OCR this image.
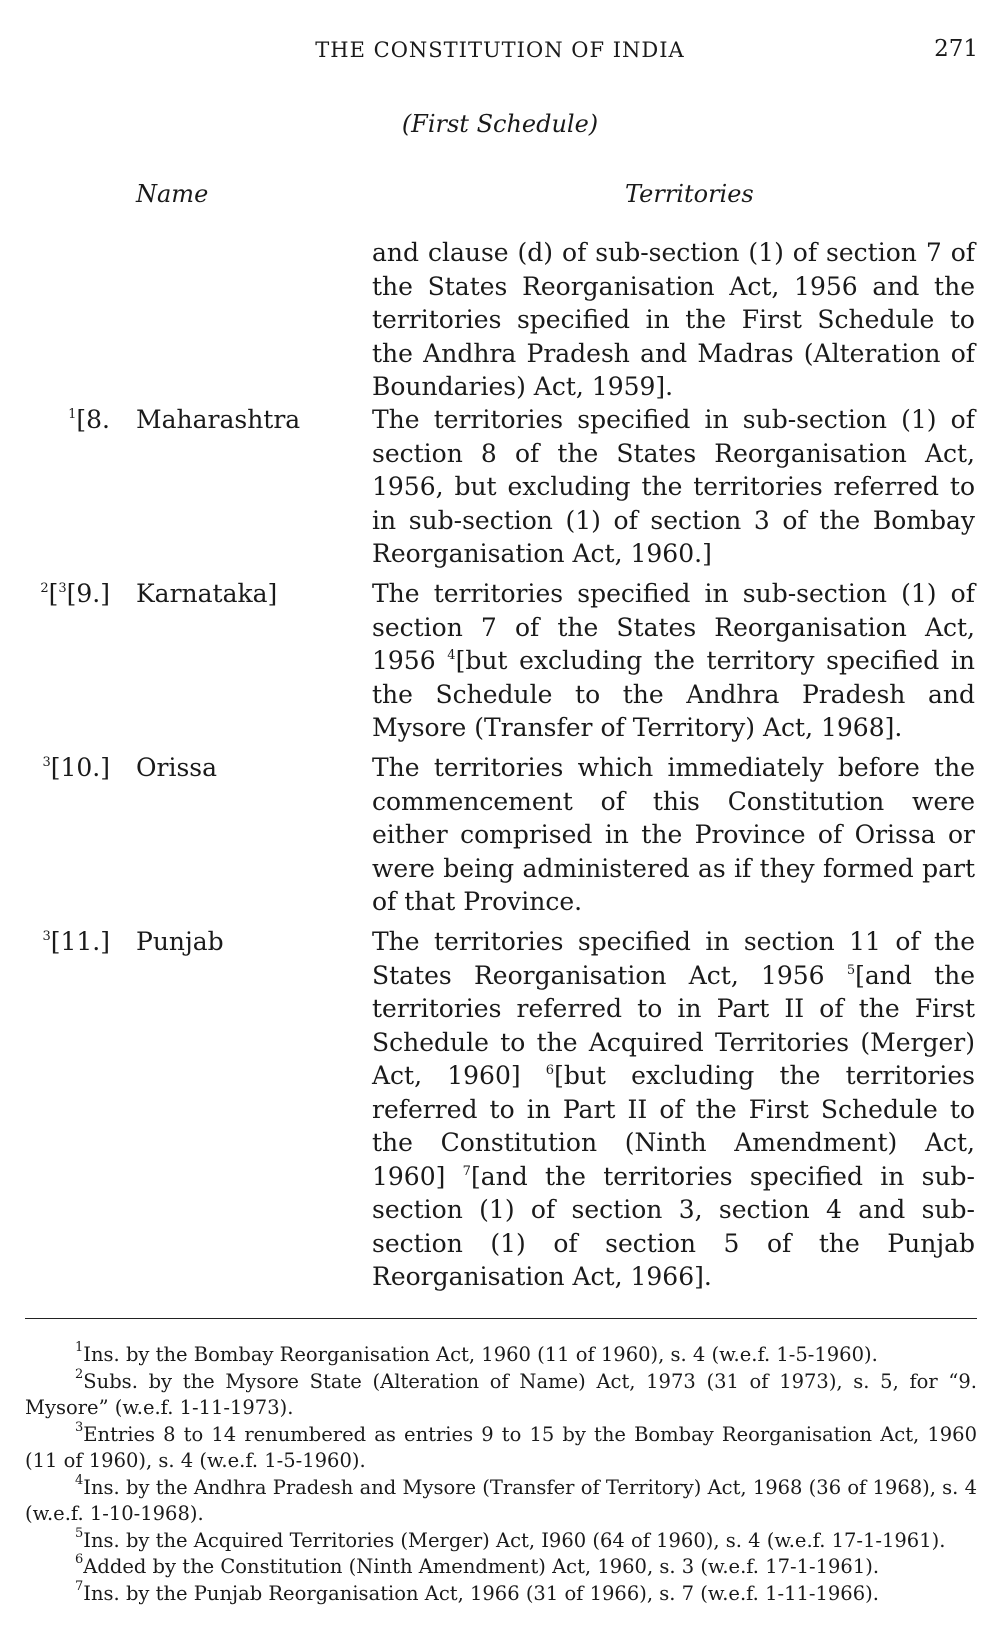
THE CONSTITUTION OF INDIA	271
(First Schedule)
Name	Territories
and clause (d) of sub-section (1) of section 7 of the States Reorganisation Act, 1956 and the territories specified in the First Schedule to the Andhra Pradesh and Madras (Alteration of Boundaries) Act, 1959].
$^1$[8. Maharashtra	The territories specified in sub-section (1) of section 8 of the States Reorganisation Act, 1956, but excluding the territories referred to in sub-section (1) of section 3 of the Bombay Reorganisation Act, 1960.]
$^2$[$^3$[9.] Karnataka]	The territories specified in sub-section (1) of section 7 of the States Reorganisation Act, 1956 $^4$[but excluding the territory specified in the Schedule to the Andhra Pradesh and Mysore (Transfer of Territory) Act, 1968].
$^3$[10.] Orissa	The territories which immediately before the commencement of this Constitution were either comprised in the Province of Orissa or were being administered as if they formed part of that Province.
$^3$[11.] Punjab	The territories specified in section 11 of the States Reorganisation Act, 1956 $^5$[and the territories referred to in Part II of the First Schedule to the Acquired Territories (Merger) Act, 1960] $^6$[but excluding the territories referred to in Part II of the First Schedule to the Constitution (Ninth Amendment) Act, 1960] $^7$[and the territories specified in sub-section (1) of section 3, section 4 and sub-section (1) of section 5 of the Punjab Reorganisation Act, 1966].

$^1$Ins. by the Bombay Reorganisation Act, 1960 (11 of 1960), s. 4 (w.e.f. 1-5-1960).

$^2$Subs. by the Mysore State (Alteration of Name) Act, 1973 (31 of 1973), s. 5, for “9. Mysore” (w.e.f. 1-11-1973).

$^3$Entries 8 to 14 renumbered as entries 9 to 15 by the Bombay Reorganisation Act, 1960 (11 of 1960), s. 4 (w.e.f. 1-5-1960).

$^4$Ins. by the Andhra Pradesh and Mysore (Transfer of Territory) Act, 1968 (36 of 1968), s. 4 (w.e.f. 1-10-1968).

$^5$Ins. by the Acquired Territories (Merger) Act, I960 (64 of 1960), s. 4 (w.e.f. 17-1-1961).

$^6$Added by the Constitution (Ninth Amendment) Act, 1960, s. 3 (w.e.f. 17-1-1961).

$^7$Ins. by the Punjab Reorganisation Act, 1966 (31 of 1966), s. 7 (w.e.f. 1-11-1966).
